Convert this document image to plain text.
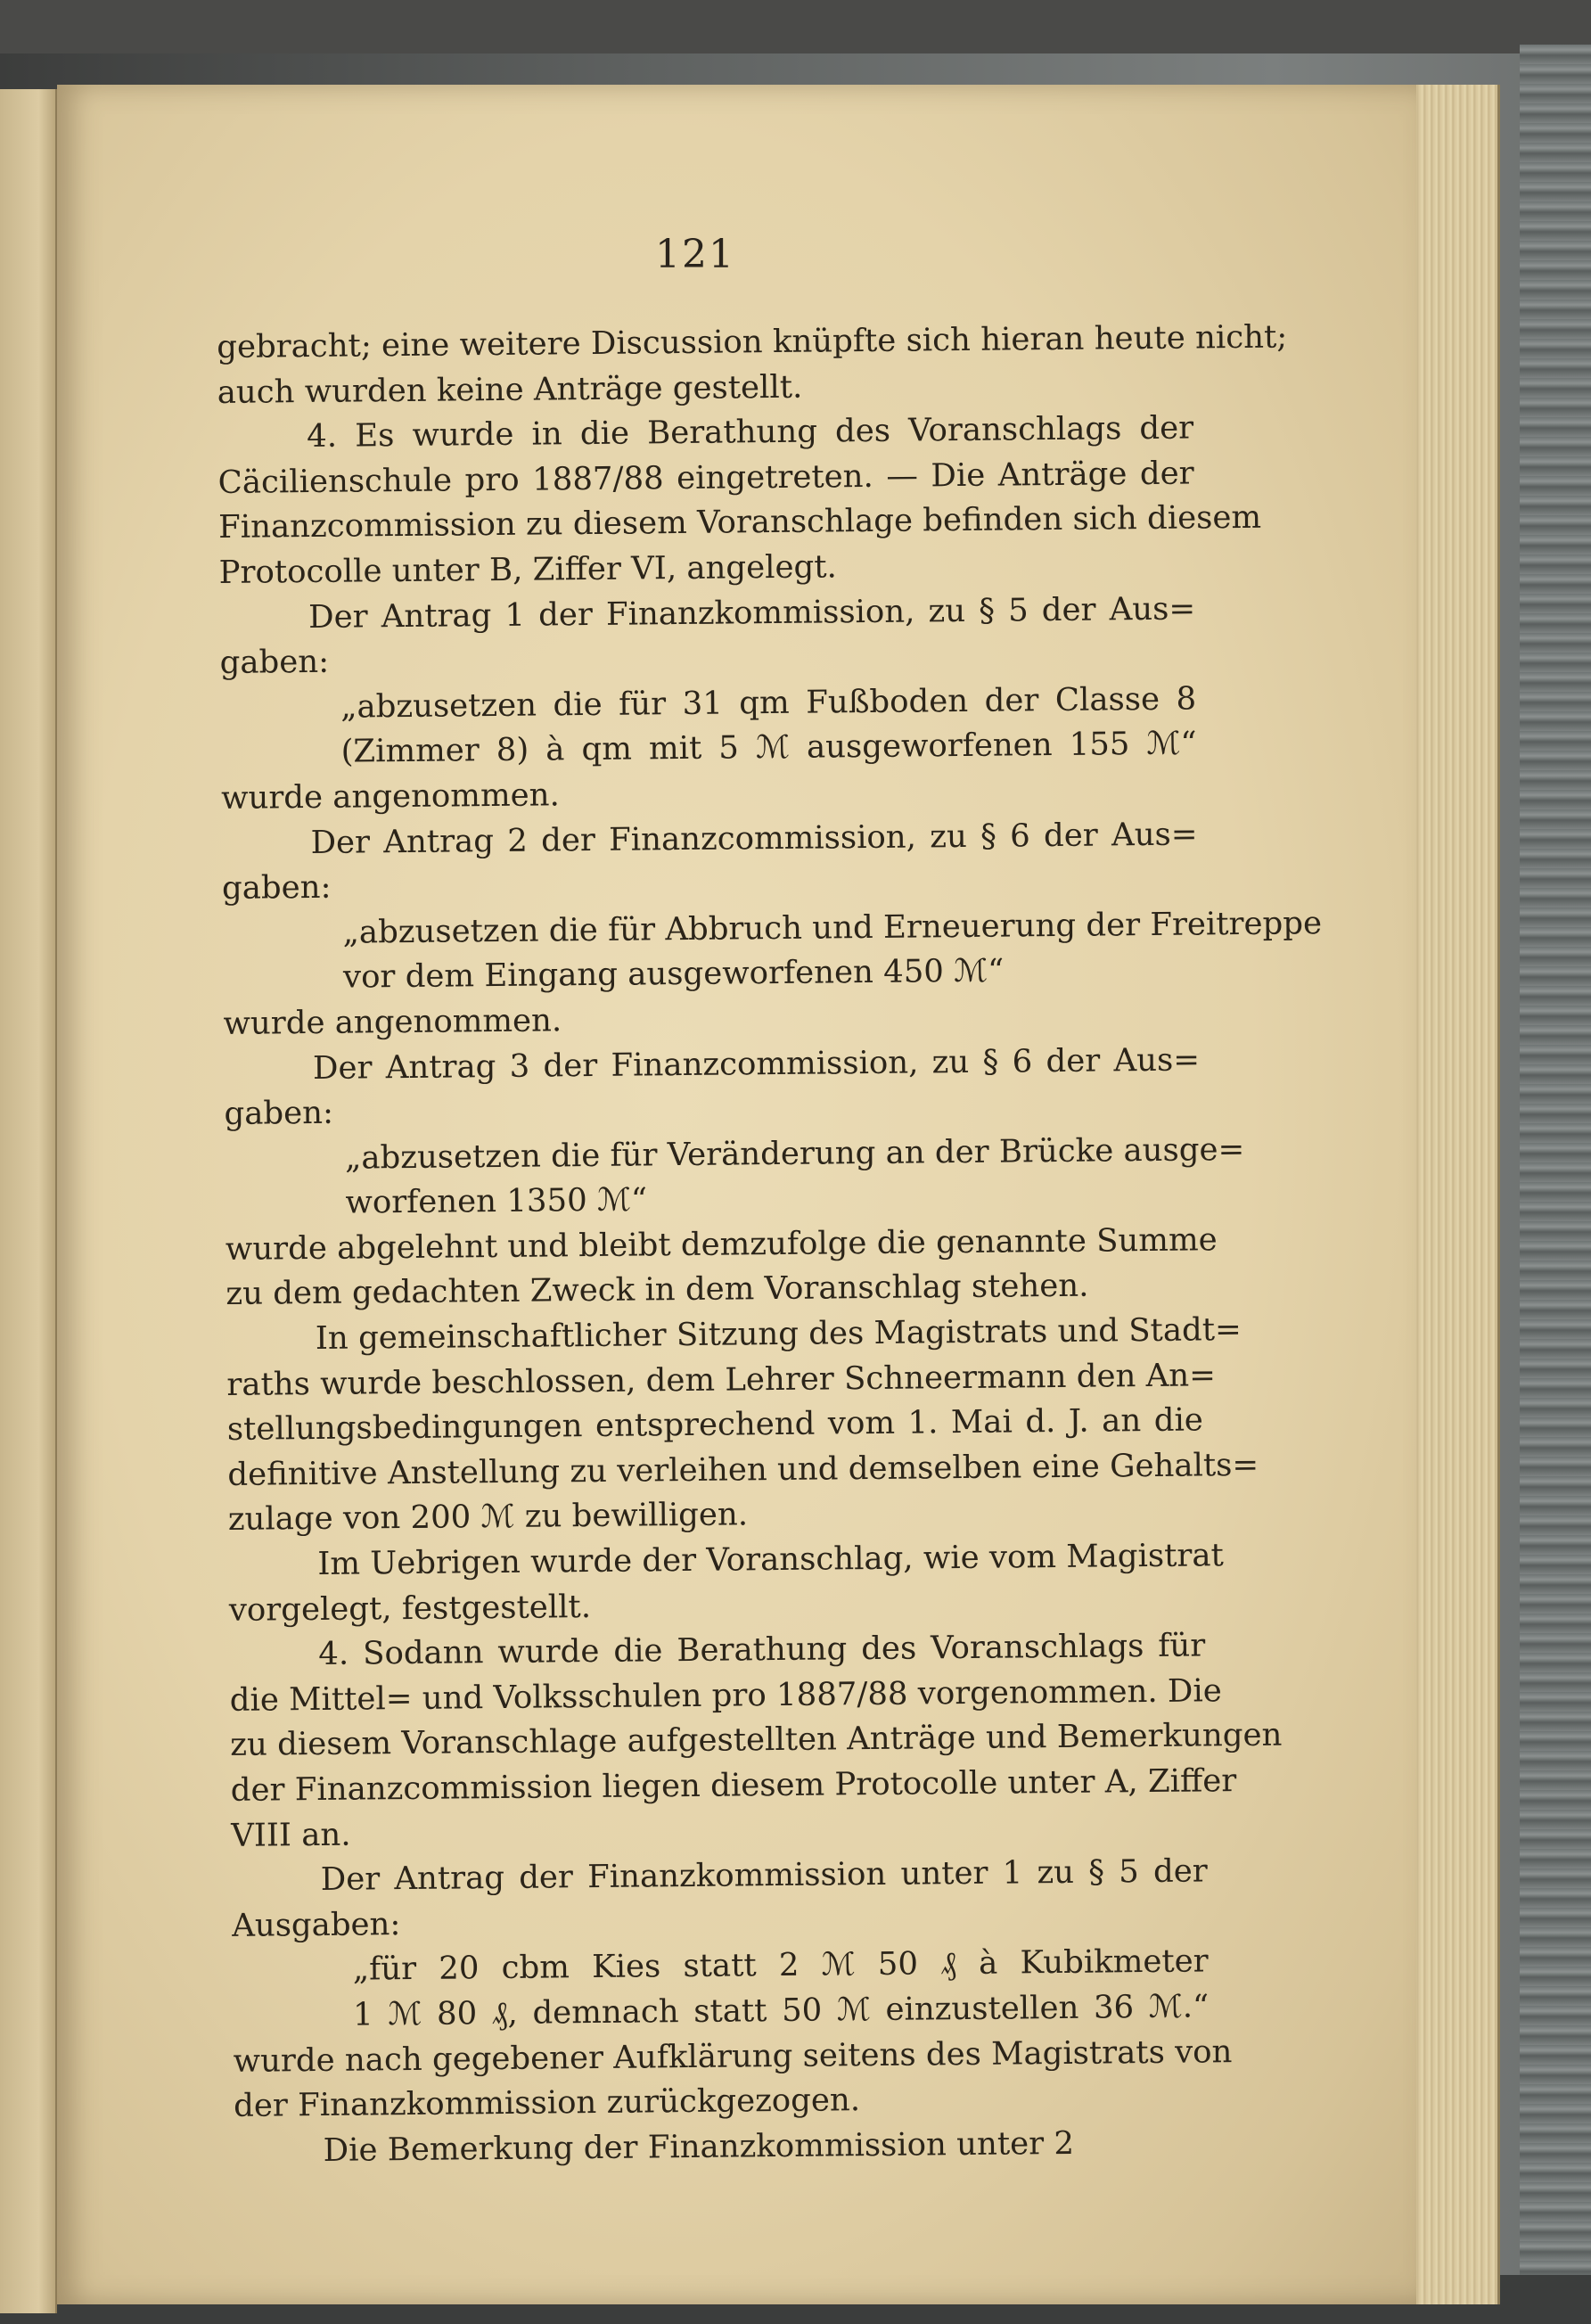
121
gebracht; eine weitere Discussion knüpfte sich hieran heute nicht;
auch wurden keine Anträge gestellt.
4. Es wurde in die Berathung des Voranschlags der
Cäcilienschule pro 1887/88 eingetreten. — Die Anträge der
Finanzcommission zu diesem Voranschlage befinden sich diesem
Protocolle unter B, Ziffer VI, angelegt.
Der Antrag 1 der Finanzkommission, zu § 5 der Aus=
gaben:
„abzusetzen die für 31 qm Fußboden der Classe 8
(Zimmer 8) à qm mit 5 ℳ ausgeworfenen 155 ℳ“
wurde angenommen.
Der Antrag 2 der Finanzcommission, zu § 6 der Aus=
gaben:
„abzusetzen die für Abbruch und Erneuerung der Freitreppe
vor dem Eingang ausgeworfenen 450 ℳ“
wurde angenommen.
Der Antrag 3 der Finanzcommission, zu § 6 der Aus=
gaben:
„abzusetzen die für Veränderung an der Brücke ausge=
worfenen 1350 ℳ“
wurde abgelehnt und bleibt demzufolge die genannte Summe
zu dem gedachten Zweck in dem Voranschlag stehen.
In gemeinschaftlicher Sitzung des Magistrats und Stadt=
raths wurde beschlossen, dem Lehrer Schneermann den An=
stellungsbedingungen entsprechend vom 1. Mai d. J. an die
definitive Anstellung zu verleihen und demselben eine Gehalts=
zulage von 200 ℳ zu bewilligen.
Im Uebrigen wurde der Voranschlag, wie vom Magistrat
vorgelegt, festgestellt.
4. Sodann wurde die Berathung des Voranschlags für
die Mittel= und Volksschulen pro 1887/88 vorgenommen. Die
zu diesem Voranschlage aufgestellten Anträge und Bemerkungen
der Finanzcommission liegen diesem Protocolle unter A, Ziffer
VIII an.
Der Antrag der Finanzkommission unter 1 zu § 5 der
Ausgaben:
„für 20 cbm Kies statt 2 ℳ 50 ₰ à Kubikmeter
1 ℳ 80 ₰, demnach statt 50 ℳ einzustellen 36 ℳ.“
wurde nach gegebener Aufklärung seitens des Magistrats von
der Finanzkommission zurückgezogen.
Die Bemerkung der Finanzkommission unter 2
